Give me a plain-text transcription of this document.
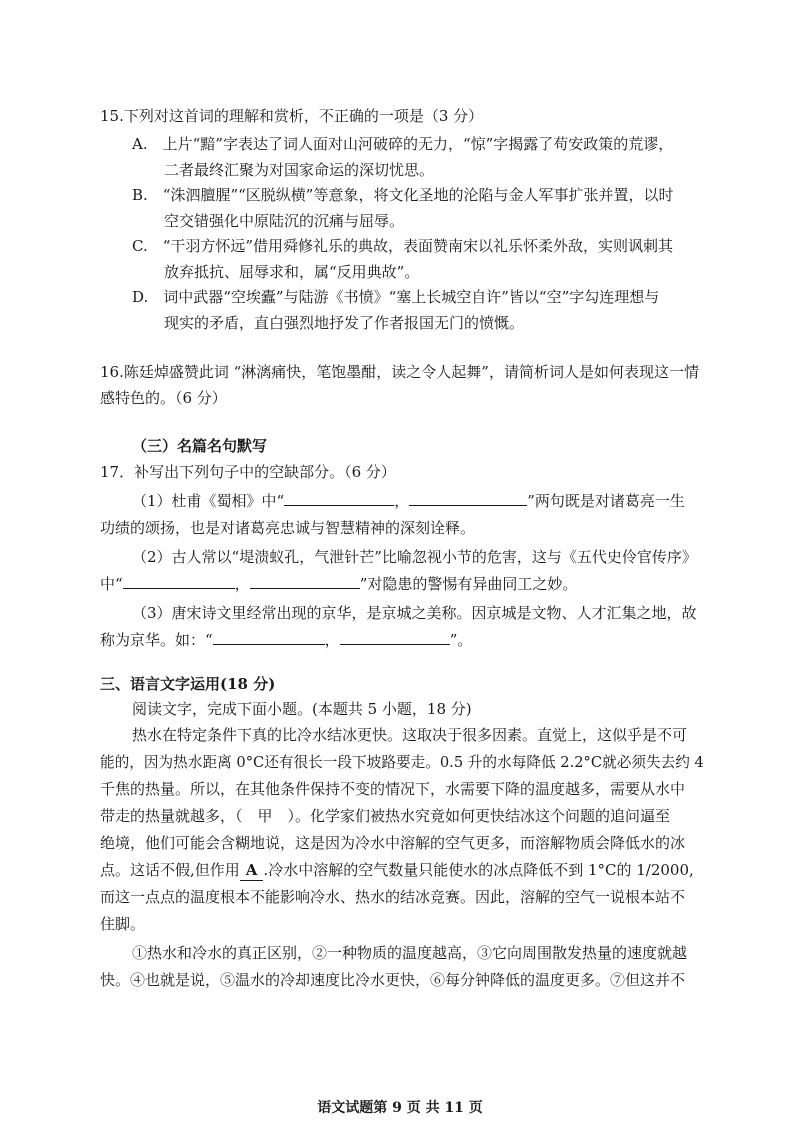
15.下列对这首词的理解和赏析，不正确的一项是（3 分）
A.　上片“黯”字表达了词人面对山河破碎的无力，“惊”字揭露了苟安政策的荒谬，
二者最终汇聚为对国家命运的深切忧思。
B.　“洙泗膻腥”“区脱纵横”等意象，将文化圣地的沦陷与金人军事扩张并置，以时
空交错强化中原陆沉的沉痛与屈辱。
C.　“干羽方怀远”借用舜修礼乐的典故，表面赞南宋以礼乐怀柔外敌，实则讽刺其
放弃抵抗、屈辱求和，属“反用典故”。
D.　词中武器“空埃蠹”与陆游《书愤》“塞上长城空自许”皆以“空”字勾连理想与
现实的矛盾，直白强烈地抒发了作者报国无门的愤慨。
16.陈廷焯盛赞此词 “淋漓痛快，笔饱墨酣，读之令人起舞”，请简析词人是如何表现这一情
感特色的。（6 分）
（三）名篇名句默写
17．补写出下列句子中的空缺部分。（6 分）
（1）杜甫《蜀相》中“	，	”两句既是对诸葛亮一生
功绩的颂扬，也是对诸葛亮忠诚与智慧精神的深刻诠释。
（2）古人常以“堤溃蚁孔，气泄针芒”比喻忽视小节的危害，这与《五代史伶官传序》
中“	，	”对隐患的警惕有异曲同工之妙。
（3）唐宋诗文里经常出现的京华，是京城之美称。因京城是文物、人才汇集之地，故
称为京华。如：“	，	”。
三、语言文字运用(18 分)
阅读文字，完成下面小题。(本题共 5 小题，18 分)
热水在特定条件下真的比冷水结冰更快。这取决于很多因素。直觉上，这似乎是不可
能的，因为热水距离 0°C还有很长一段下坡路要走。0.5 升的水每降低 2.2°C就必须失去约 4
千焦的热量。所以，在其他条件保持不变的情况下，水需要下降的温度越多，需要从水中
带走的热量就越多，（　甲　）。化学家们被热水究竟如何更快结冰这个问题的追问逼至
绝境，他们可能会含糊地说，这是因为冷水中溶解的空气更多，而溶解物质会降低水的冰
点。这话不假,但作用 A .冷水中溶解的空气数量只能使水的冰点降低不到 1°C的 1/2000,
而这一点点的温度根本不能影响冷水、热水的结冰竞赛。因此，溶解的空气一说根本站不
住脚。
①热水和冷水的真正区别，②一种物质的温度越高，③它向周围散发热量的速度就越
快。④也就是说，⑤温水的冷却速度比冷水更快，⑥每分钟降低的温度更多。⑦但这并不
语文试题第 9 页 共 11 页
